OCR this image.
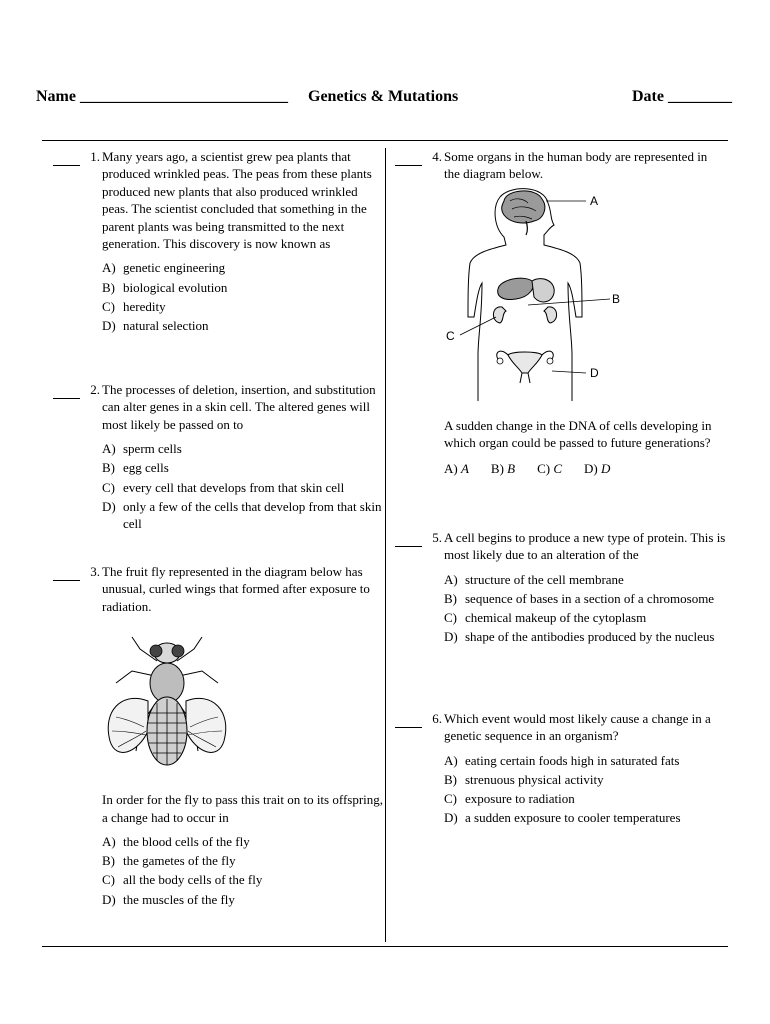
Name __________________________ Genetics & Mutations	Date ________
1. Many years ago, a scientist grew pea plants that produced wrinkled peas. The peas from these plants produced new plants that also produced wrinkled peas. The scientist concluded that something in the parent plants was being transmitted to the next generation. This discovery is now known as
A) genetic engineering
B) biological evolution
C) heredity
D) natural selection
2. The processes of deletion, insertion, and substitution can alter genes in a skin cell. The altered genes will most likely be passed on to
A) sperm cells
B) egg cells
C) every cell that develops from that skin cell
D) only a few of the cells that develop from that skin cell
3. The fruit fly represented in the diagram below has unusual, curled wings that formed after exposure to radiation.
In order for the fly to pass this trait on to its offspring, a change had to occur in
A) the blood cells of the fly
B) the gametes of the fly
C) all the body cells of the fly
D) the muscles of the fly
4. Some organs in the human body are represented in the diagram below.
A
B
C
D
A sudden change in the DNA of cells developing in which organ could be passed to future generations?
A) A B) B C) C D) D
5. A cell begins to produce a new type of protein. This is most likely due to an alteration of the
A) structure of the cell membrane
B) sequence of bases in a section of a chromosome
C) chemical makeup of the cytoplasm
D) shape of the antibodies produced by the nucleus
6. Which event would most likely cause a change in a genetic sequence in an organism?
A) eating certain foods high in saturated fats
B) strenuous physical activity
C) exposure to radiation
D) a sudden exposure to cooler temperatures
